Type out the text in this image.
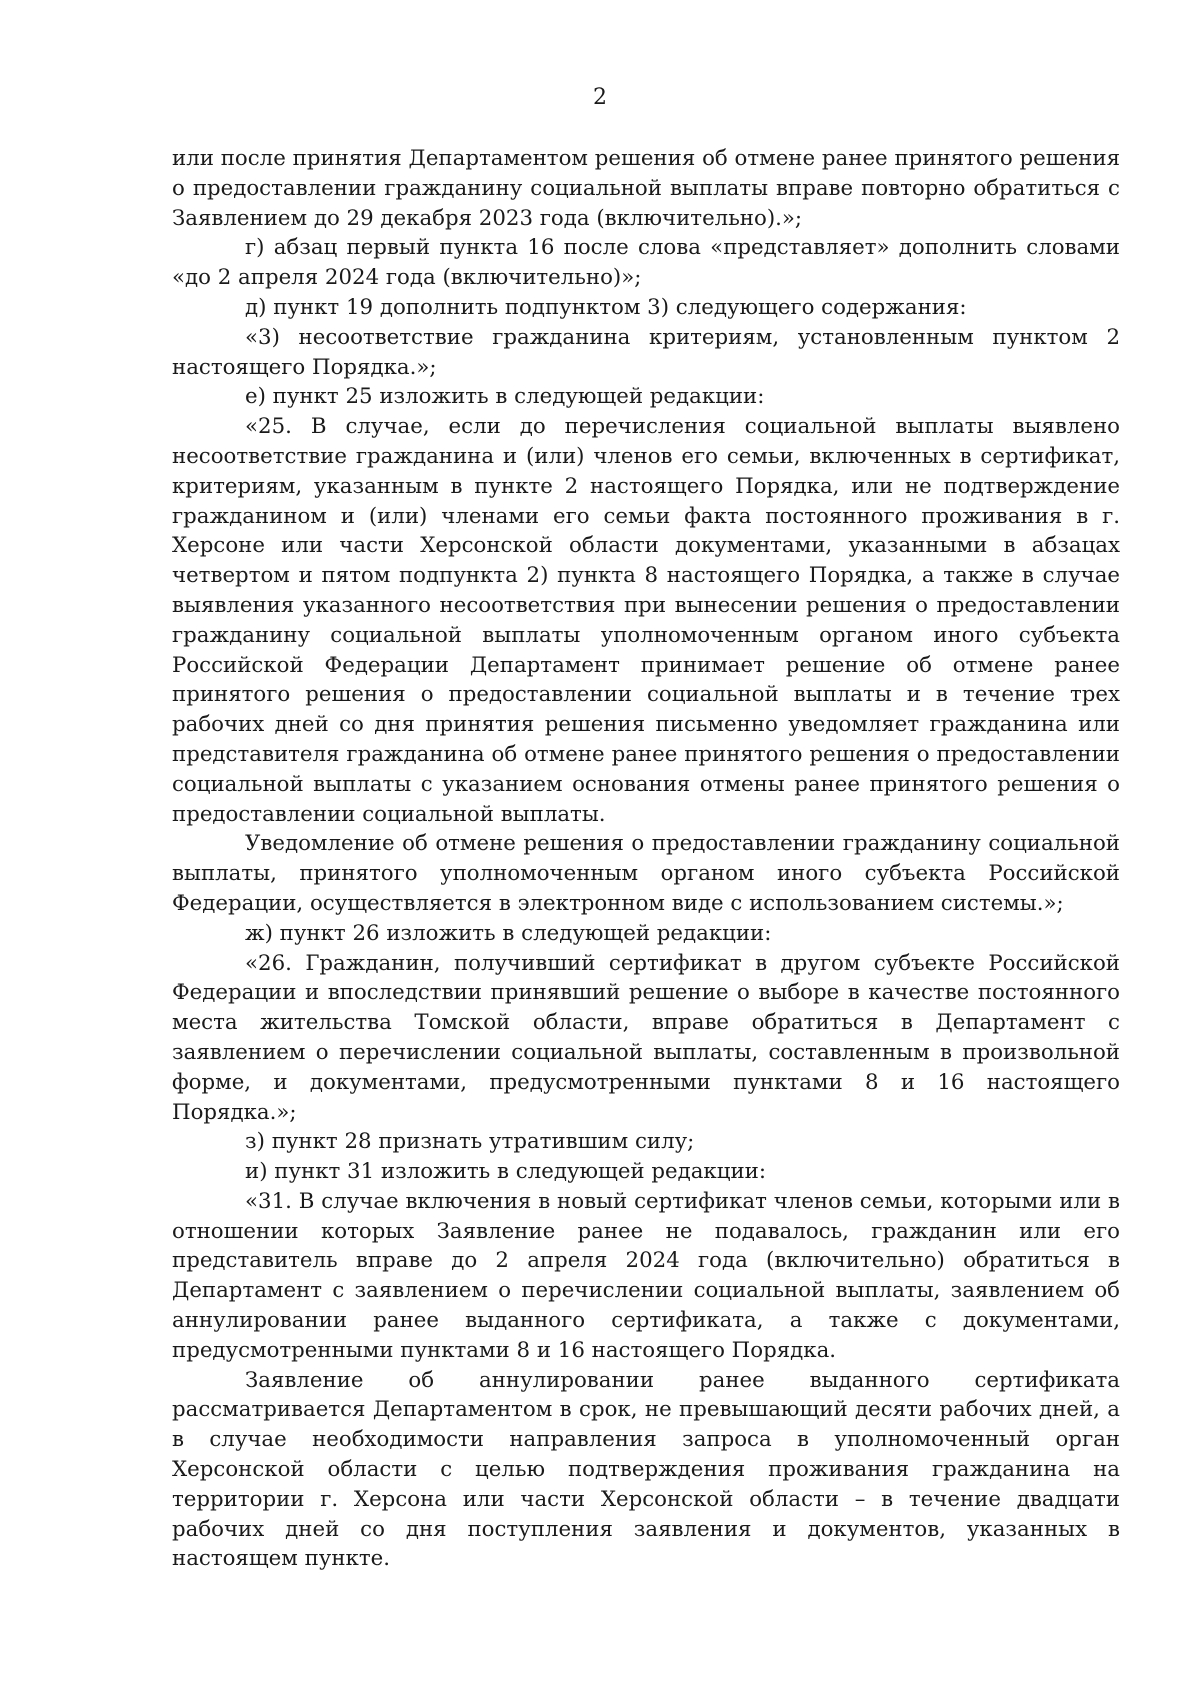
2

или после принятия Департаментом решения об отмене ранее принятого решения о предоставлении гражданину социальной выплаты вправе повторно обратиться с Заявлением до 29 декабря 2023 года (включительно).»;

г) абзац первый пункта 16 после слова «представляет» дополнить словами «до 2 апреля 2024 года (включительно)»;

д) пункт 19 дополнить подпунктом 3) следующего содержания:

«3) несоответствие гражданина критериям, установленным пунктом 2 настоящего Порядка.»;

е) пункт 25 изложить в следующей редакции:

«25. В случае, если до перечисления социальной выплаты выявлено несоответствие гражданина и (или) членов его семьи, включенных в сертификат, критериям, указанным в пункте 2 настоящего Порядка, или не подтверждение гражданином и (или) членами его семьи факта постоянного проживания в г. Херсоне или части Херсонской области документами, указанными в абзацах четвертом и пятом подпункта 2) пункта 8 настоящего Порядка, а также в случае выявления указанного несоответствия при вынесении решения о предоставлении гражданину социальной выплаты уполномоченным органом иного субъекта Российской Федерации Департамент принимает решение об отмене ранее принятого решения о предоставлении социальной выплаты и в течение трех рабочих дней со дня принятия решения письменно уведомляет гражданина или представителя гражданина об отмене ранее принятого решения о предоставлении социальной выплаты с указанием основания отмены ранее принятого решения о предоставлении социальной выплаты.

Уведомление об отмене решения о предоставлении гражданину социальной выплаты, принятого уполномоченным органом иного субъекта Российской Федерации, осуществляется в электронном виде с использованием системы.»;

ж) пункт 26 изложить в следующей редакции:

«26. Гражданин, получивший сертификат в другом субъекте Российской Федерации и впоследствии принявший решение о выборе в качестве постоянного места жительства Томской области, вправе обратиться в Департамент с заявлением о перечислении социальной выплаты, составленным в произвольной форме, и документами, предусмотренными пунктами 8 и 16 настоящего Порядка.»;

з) пункт 28 признать утратившим силу;

и) пункт 31 изложить в следующей редакции:

«31. В случае включения в новый сертификат членов семьи, которыми или в отношении которых Заявление ранее не подавалось, гражданин или его представитель вправе до 2 апреля 2024 года (включительно) обратиться в Департамент с заявлением о перечислении социальной выплаты, заявлением об аннулировании ранее выданного сертификата, а также с документами, предусмотренными пунктами 8 и 16 настоящего Порядка.

Заявление об аннулировании ранее выданного сертификата рассматривается Департаментом в срок, не превышающий десяти рабочих дней, а в случае необходимости направления запроса в уполномоченный орган Херсонской области с целью подтверждения проживания гражданина на территории г. Херсона или части Херсонской области – в течение двадцати рабочих дней со дня поступления заявления и документов, указанных в настоящем пункте.
